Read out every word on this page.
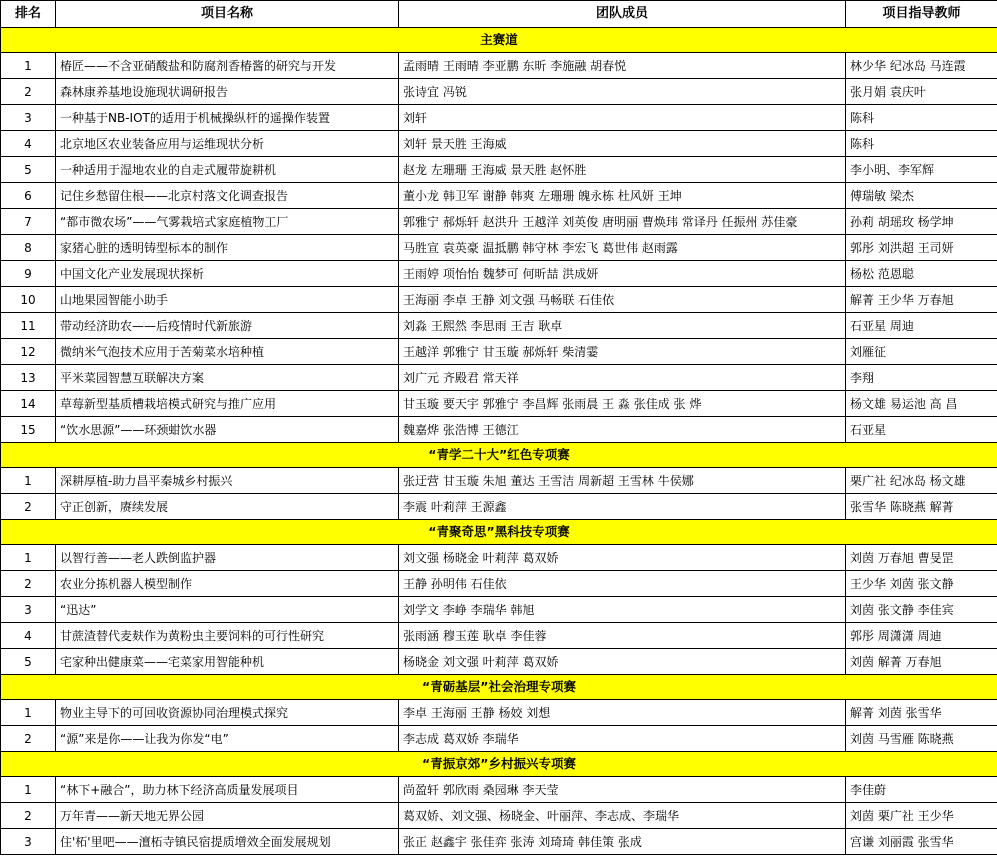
排名	项目名称	团队成员	项目指导教师
主赛道			
1	椿匠——不含亚硝酸盐和防腐剂香椿酱的研究与开发	孟雨晴 王雨晴 李亚鹏 东昕 李施融 胡春悦	林少华 纪冰岛 马连霞
2	森林康养基地设施现状调研报告	张诗宜 冯锐	张月娟 袁庆叶
3	一种基于NB-IOT的适用于机械操纵杆的遥操作装置	刘轩	陈科
4	北京地区农业装备应用与运维现状分析	刘轩 景天胜 王海威	陈科
5	一种适用于湿地农业的自走式履带旋耕机	赵龙 左珊珊 王海威 景天胜 赵怀胜	李小明、李军辉
6	记住乡愁留住根——北京村落文化调查报告	董小龙 韩卫军 谢静 韩爽 左珊珊 魄永栋 杜风妍 王坤	傅瑞敏 梁杰
7	“都市微农场”——气雾栽培式家庭植物工厂	郭雅宁 郝烁轩 赵洪升 王越洋 刘英俊 唐明丽 曹焕玮 常译丹 任振州 苏佳豪	孙莉 胡瑶玫 杨学坤
8	家猪心脏的透明铸型标本的制作	马胜宣 袁英豪 温抵鹏 韩守林 李宏飞 葛世伟 赵雨露	郭彤 刘洪超 王司妍
9	中国文化产业发展现状探析	王雨婷 项怡怡 魏梦可 何昕喆 洪成妍	杨松 范恩聪
10	山地果园智能小助手	王海丽 李卓 王静 刘文强 马畅联 石佳依	解菁 王少华 万春旭
11	带动经济助农——后疫情时代新旅游	刘淼 王熙然 李思雨 王吉 耿卓	石亚星 周迪
12	微纳米气泡技术应用于苦菊菜水培种植	王越洋 郭雅宁 甘玉璇 郝烁轩 柴清霎	刘雁征
13	平米菜园智慧互联解决方案	刘广元 齐殿君 常天祥	李翔
14	草莓新型基质槽栽培模式研究与推广应用	甘玉璇 要天宇 郭雅宁 李昌辉 张雨晨 王 淼 张佳成 张 烨	杨文雄 易运池 高 昌
15	“饮水思源”——环颈蚶饮水器	魏嘉烨 张浩博 王德江	石亚星
“青学二十大”红色专项赛			
1	深耕厚植-助力昌平秦城乡村振兴	张迂营 甘玉璇 朱旭 董达 王雪洁 周新超 王雪林 牛侯娜	栗广社 纪冰岛 杨文雄
2	守正创新，赓续发展	李震 叶莉萍 王源鑫	张雪华 陈晓燕 解菁
“青聚奇思”黑科技专项赛			
1	以智行善——老人跌倒监护器	刘文强 杨晓金 叶莉萍 葛双娇	刘茵 万春旭 曹旻罡
2	农业分拣机器人模型制作	王静 孙明伟 石佳依	王少华 刘茵 张文静
3	“迅达”	刘学文 李峥 李瑞华 韩旭	刘茵 张文静 李佳宾
4	甘蔗渣替代麦麸作为黄粉虫主要饲料的可行性研究	张雨涵 穆玉莲 耿卓 李佳蓉	郭彤 周潇潇 周迪
5	宅家种出健康菜——宅菜家用智能种机	杨晓金 刘文强 叶莉萍 葛双娇	刘茵 解菁 万春旭
“青砺基层”社会治理专项赛			
1	物业主导下的可回收资源协同治理模式探究	李卓 王海丽 王静 杨姣 刘想	解菁 刘茵 张雪华
2	“源”来是你——让我为你发“电”	李志成 葛双娇 李瑞华	刘茵 马雪雁 陈晓燕
“青振京郊”乡村振兴专项赛			
1	“林下+融合”，助力林下经济高质量发展项目	尚盈轩 郭欣雨 桑园琳 李天莹	李佳蔚
2	万年青——新天地无界公园	葛双娇、刘文强、杨晓金、叶丽萍、李志成、李瑞华	刘茵 栗广社 王少华
3	住'柘'里吧——澶柘寺镇民宿提质增效全面发展规划	张正 赵鑫宇 张佳弈 张涛 刘琦琦 韩佳策 张成	宫谦 刘丽霞 张雪华
